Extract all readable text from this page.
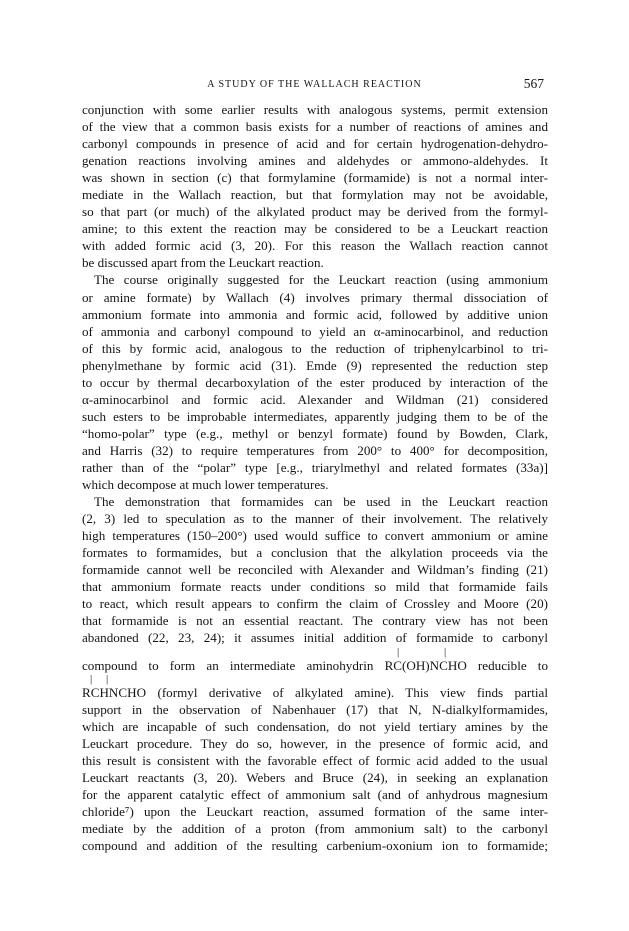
A STUDY OF THE WALLACH REACTION	567
conjunction with some earlier results with analogous systems, permit extension
of the view that a common basis exists for a number of reactions of amines and
carbonyl compounds in presence of acid and for certain hydrogenation-dehydro-
genation reactions involving amines and aldehydes or ammono-aldehydes. It
was shown in section (c) that formylamine (formamide) is not a normal inter-
mediate in the Wallach reaction, but that formylation may not be avoidable,
so that part (or much) of the alkylated product may be derived from the formyl-
amine; to this extent the reaction may be considered to be a Leuckart reaction
with added formic acid (3, 20). For this reason the Wallach reaction cannot
be discussed apart from the Leuckart reaction.
The course originally suggested for the Leuckart reaction (using ammonium
or amine formate) by Wallach (4) involves primary thermal dissociation of
ammonium formate into ammonia and formic acid, followed by additive union
of ammonia and carbonyl compound to yield an α-aminocarbinol, and reduction
of this by formic acid, analogous to the reduction of triphenylcarbinol to tri-
phenylmethane by formic acid (31). Emde (9) represented the reduction step
to occur by thermal decarboxylation of the ester produced by interaction of the
α-aminocarbinol and formic acid. Alexander and Wildman (21) considered
such esters to be improbable intermediates, apparently judging them to be of the
“homo-polar” type (e.g., methyl or benzyl formate) found by Bowden, Clark,
and Harris (32) to require temperatures from 200° to 400° for decomposition,
rather than of the “polar” type [e.g., triarylmethyl and related formates (33a)]
which decompose at much lower temperatures.
The demonstration that formamides can be used in the Leuckart reaction
(2, 3) led to speculation as to the manner of their involvement. The relatively
high temperatures (150–200°) used would suffice to convert ammonium or amine
formates to formamides, but a conclusion that the alkylation proceeds via the
formamide cannot well be reconciled with Alexander and Wildman’s finding (21)
that ammonium formate reacts under conditions so mild that formamide fails
to react, which result appears to confirm the claim of Crossley and Moore (20)
that formamide is not an essential reactant. The contrary view has not been
abandoned (22, 23, 24); it assumes initial addition of formamide to carbonyl
|	|
compound to form an intermediate aminohydrin RC(OH)NCHO reducible to
| |
RCHNCHO (formyl derivative of alkylated amine). This view finds partial
support in the observation of Nabenhauer (17) that N, N-dialkylformamides,
which are incapable of such condensation, do not yield tertiary amines by the
Leuckart procedure. They do so, however, in the presence of formic acid, and
this result is consistent with the favorable effect of formic acid added to the usual
Leuckart reactants (3, 20). Webers and Bruce (24), in seeking an explanation
for the apparent catalytic effect of ammonium salt (and of anhydrous magnesium
chloride⁷) upon the Leuckart reaction, assumed formation of the same inter-
mediate by the addition of a proton (from ammonium salt) to the carbonyl
compound and addition of the resulting carbenium-oxonium ion to formamide;
